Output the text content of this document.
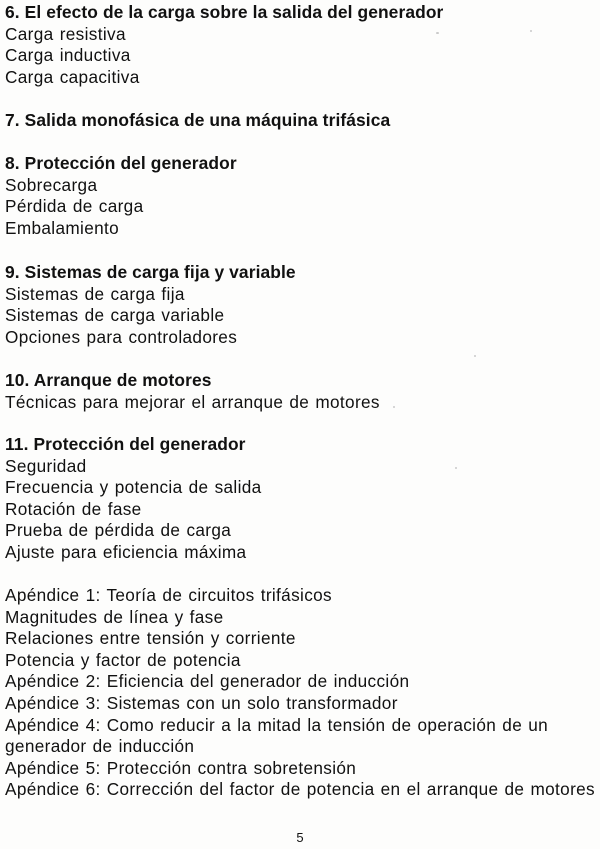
6. El efecto de la carga sobre la salida del generador

Carga resistiva

Carga inductiva

Carga capacitiva

7. Salida monofásica de una máquina trifásica

8. Protección del generador

Sobrecarga

Pérdida de carga

Embalamiento

9. Sistemas de carga fija y variable

Sistemas de carga fija

Sistemas de carga variable

Opciones para controladores

10. Arranque de motores

Técnicas para mejorar el arranque de motores

11. Protección del generador

Seguridad

Frecuencia y potencia de salida

Rotación de fase

Prueba de pérdida de carga

Ajuste para eficiencia máxima

Apéndice 1: Teoría de circuitos trifásicos

Magnitudes de línea y fase

Relaciones entre tensión y corriente

Potencia y factor de potencia

Apéndice 2: Eficiencia del generador de inducción

Apéndice 3: Sistemas con un solo transformador

Apéndice 4: Como reducir a la mitad la tensión de operación de un generador de inducción

Apéndice 5: Protección contra sobretensión

Apéndice 6: Corrección del factor de potencia en el arranque de motores

5
